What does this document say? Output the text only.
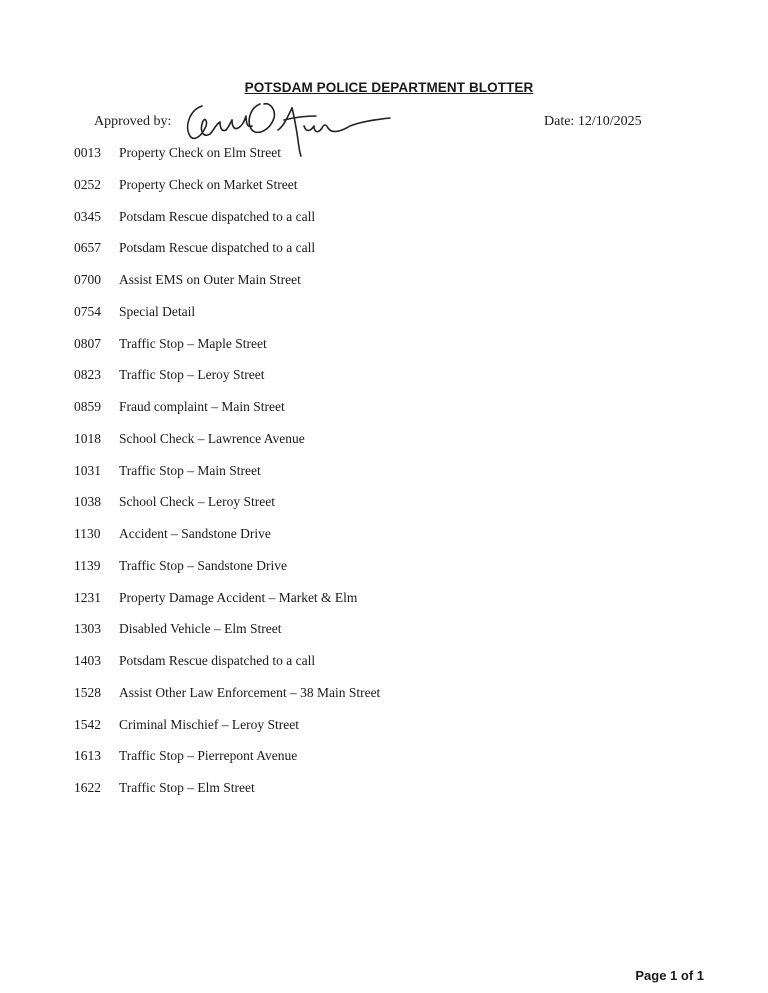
POTSDAM POLICE DEPARTMENT BLOTTER
Approved by:	Date: 12/10/2025
0013	Property Check on Elm Street
0252	Property Check on Market Street
0345	Potsdam Rescue dispatched to a call
0657	Potsdam Rescue dispatched to a call
0700	Assist EMS on Outer Main Street
0754	Special Detail
0807	Traffic Stop – Maple Street
0823	Traffic Stop – Leroy Street
0859	Fraud complaint – Main Street
1018	School Check – Lawrence Avenue
1031	Traffic Stop – Main Street
1038	School Check – Leroy Street
1130	Accident – Sandstone Drive
1139	Traffic Stop – Sandstone Drive
1231	Property Damage Accident – Market & Elm
1303	Disabled Vehicle – Elm Street
1403	Potsdam Rescue dispatched to a call
1528	Assist Other Law Enforcement – 38 Main Street
1542	Criminal Mischief – Leroy Street
1613	Traffic Stop – Pierrepont Avenue
1622	Traffic Stop – Elm Street
Page 1 of 1
